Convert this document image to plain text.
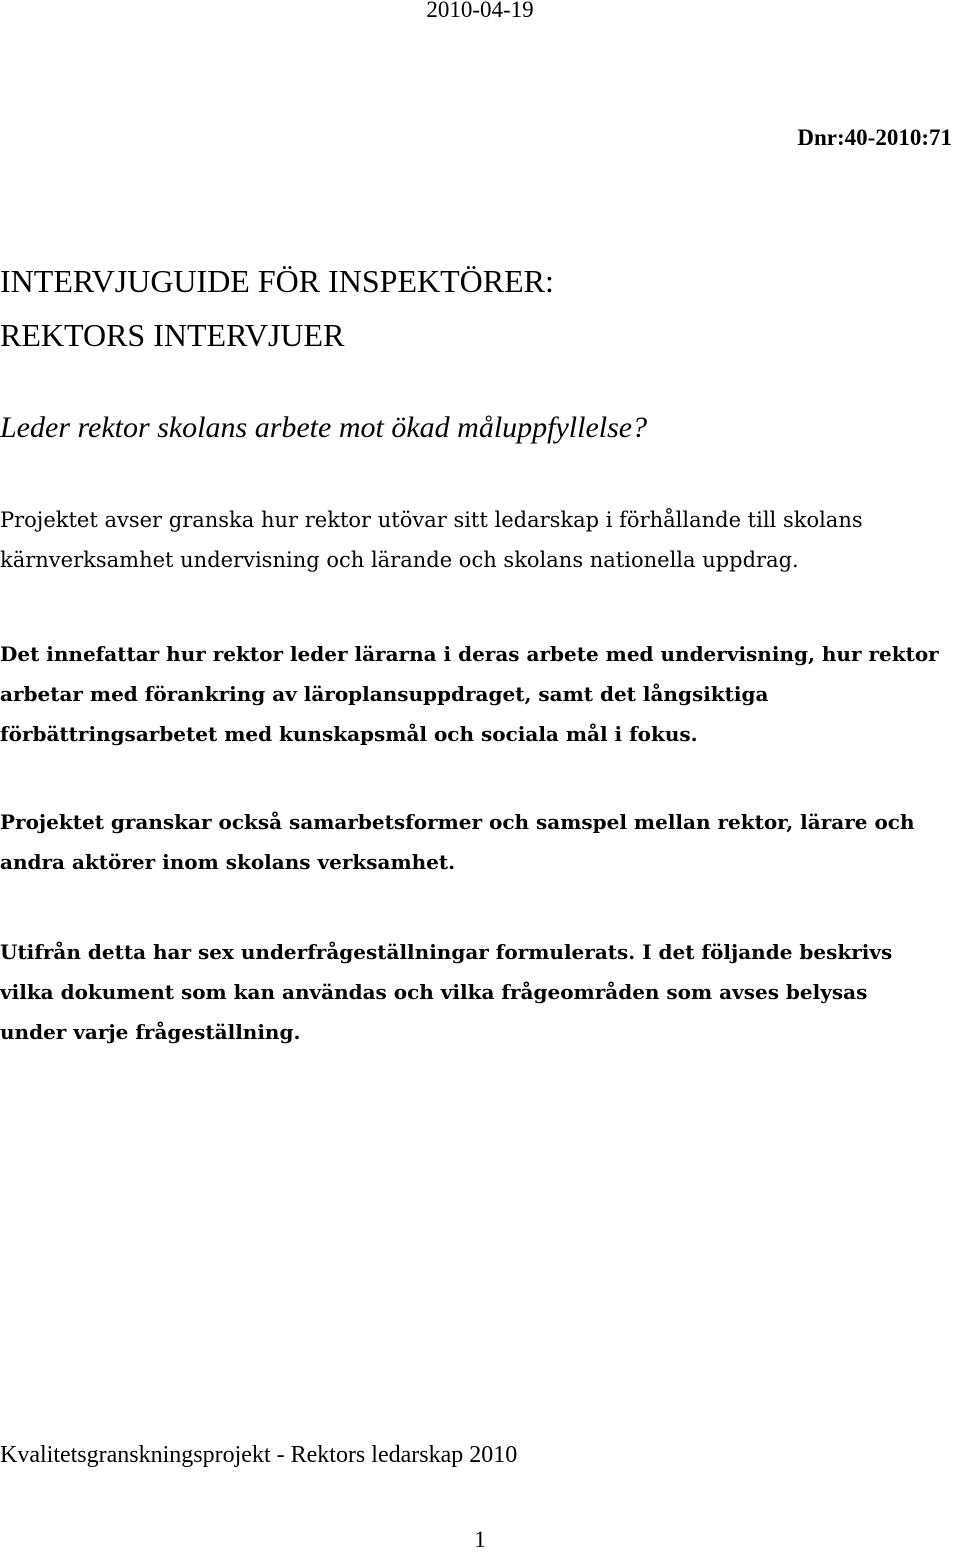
2010-04-19
Dnr:40-2010:71
INTERVJUGUIDE FÖR INSPEKTÖRER:
REKTORS INTERVJUER
Leder rektor skolans arbete mot ökad måluppfyllelse?
Projektet avser granska hur rektor utövar sitt ledarskap i förhållande till skolans
kärnverksamhet undervisning och lärande och skolans nationella uppdrag.
Det innefattar hur rektor leder lärarna i deras arbete med undervisning, hur rektor
arbetar med förankring av läroplansuppdraget, samt det långsiktiga
förbättringsarbetet med kunskapsmål och sociala mål i fokus.
Projektet granskar också samarbetsformer och samspel mellan rektor, lärare och
andra aktörer inom skolans verksamhet.
Utifrån detta har sex underfrågeställningar formulerats. I det följande beskrivs
vilka dokument som kan användas och vilka frågeområden som avses belysas
under varje frågeställning.
Kvalitetsgranskningsprojekt - Rektors ledarskap 2010
1
